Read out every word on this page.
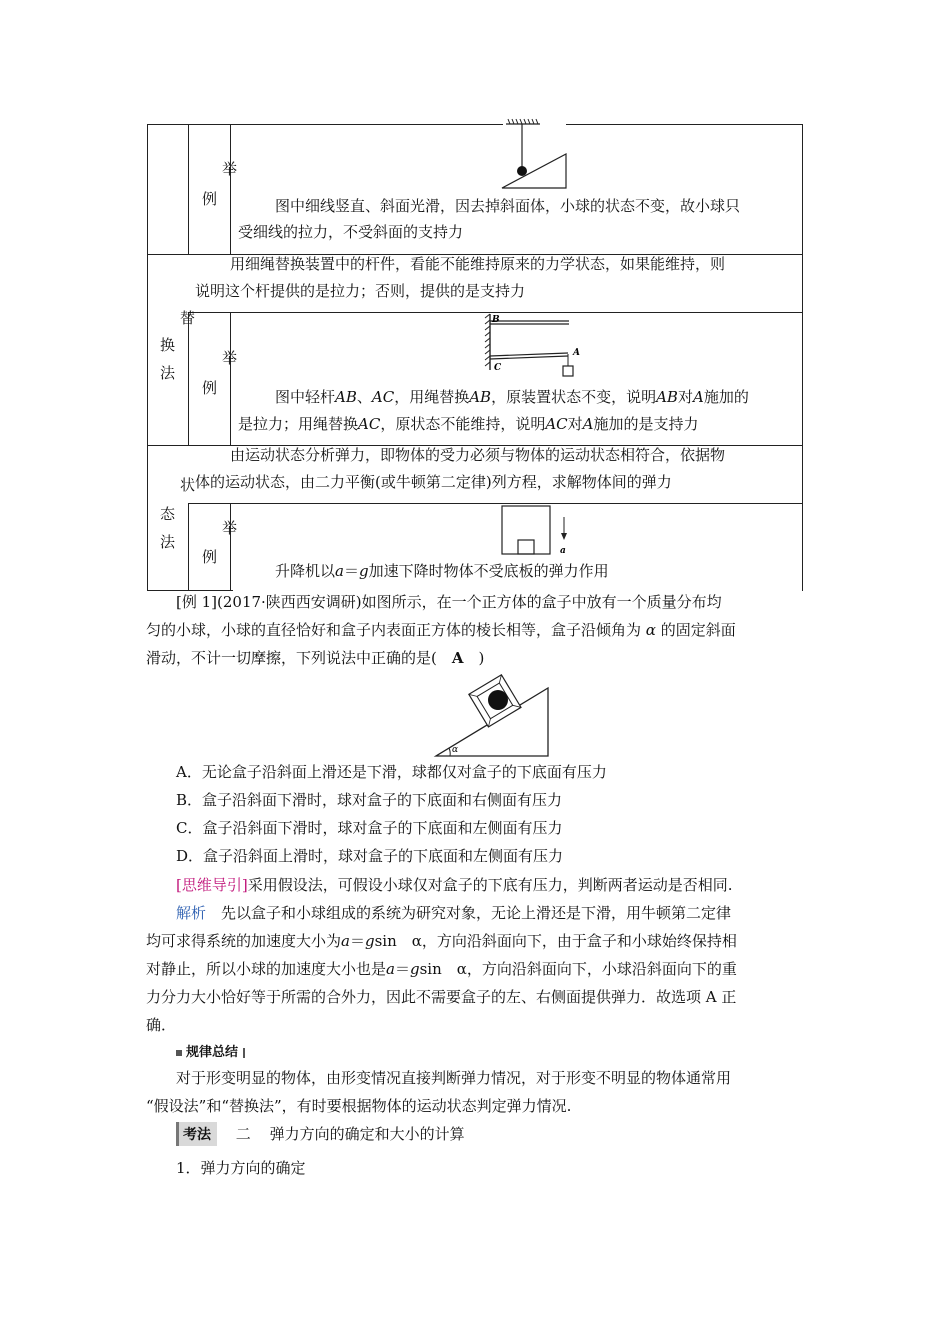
举
例	图中细线竖直、斜面光滑，因去掉斜面体，小球的状态不变，故小球只
受细线的拉力，不受斜面的支持力
替
换
法
用细绳替换装置中的杆件，看能不能维持原来的力学状态，如果能维持，则
说明这个杆提供的是拉力；否则，提供的是支持力
举
例
B
C
A
图中轻杆AB、AC，用绳替换AB，原装置状态不变，说明AB对A施加的
是拉力；用绳替换AC，原状态不能维持，说明AC对A施加的是支持力
状
态
法
由运动状态分析弹力，即物体的受力必须与物体的运动状态相符合，依据物
体的运动状态，由二力平衡(或牛顿第二定律)列方程，求解物体间的弹力
举
例	a
升降机以a＝g加速下降时物体不受底板的弹力作用
[例 1](2017·陕西西安调研)如图所示，在一个正方体的盒子中放有一个质量分布均
匀的小球，小球的直径恰好和盒子内表面正方体的棱长相等，盒子沿倾角为 α 的固定斜面
滑动，不计一切摩擦，下列说法中正确的是(　 A　 )
α
A．无论盒子沿斜面上滑还是下滑，球都仅对盒子的下底面有压力
B．盒子沿斜面下滑时，球对盒子的下底面和右侧面有压力
C．盒子沿斜面下滑时，球对盒子的下底面和左侧面有压力
D．盒子沿斜面上滑时，球对盒子的下底面和左侧面有压力
[思维导引]采用假设法，可假设小球仅对盒子的下底有压力，判断两者运动是否相同.
解析　 先以盒子和小球组成的系统为研究对象，无论上滑还是下滑，用牛顿第二定律
均可求得系统的加速度大小为a＝gsin　α，方向沿斜面向下，由于盒子和小球始终保持相
对静止，所以小球的加速度大小也是a＝gsin　α，方向沿斜面向下，小球沿斜面向下的重
力分力大小恰好等于所需的合外力，因此不需要盒子的左、右侧面提供弹力．故选项 A 正
确．
规律总结
对于形变明显的物体，由形变情况直接判断弹力情况，对于形变不明显的物体通常用
“假设法”和“替换法”，有时要根据物体的运动状态判定弹力情况.
考法 二 弹力方向的确定和大小的计算
1．弹力方向的确定
